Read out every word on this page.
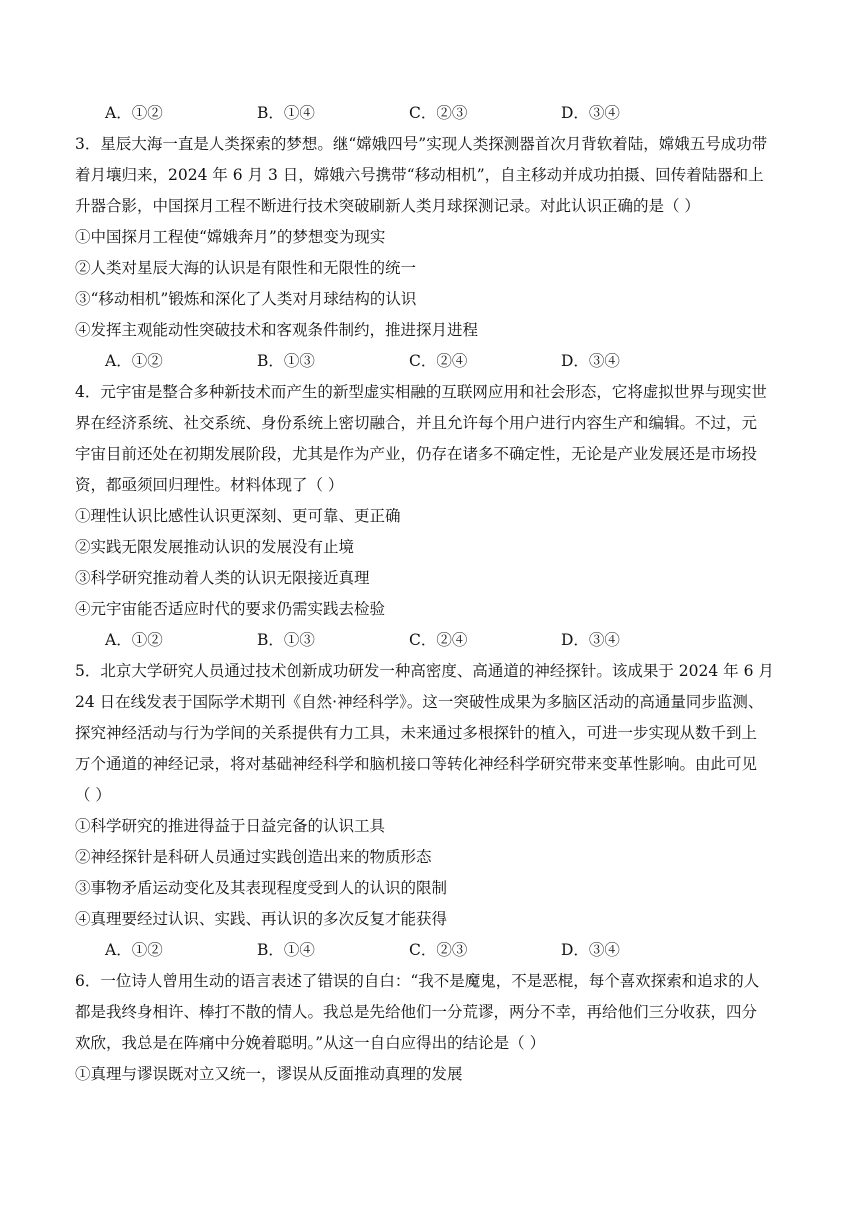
A．①②	B．①④	C．②③	D．③④
3．星辰大海一直是人类探索的梦想。继“嫦娥四号”实现人类探测器首次月背软着陆，嫦娥五号成功带
着月壤归来，2024 年 6 月 3 日，嫦娥六号携带“移动相机”，自主移动并成功拍摄、回传着陆器和上
升器合影，中国探月工程不断进行技术突破刷新人类月球探测记录。对此认识正确的是（ ）
①中国探月工程使“嫦娥奔月”的梦想变为现实
②人类对星辰大海的认识是有限性和无限性的统一
③“移动相机”锻炼和深化了人类对月球结构的认识
④发挥主观能动性突破技术和客观条件制约，推进探月进程
A．①②	B．①③	C．②④	D．③④
4．元宇宙是整合多种新技术而产生的新型虚实相融的互联网应用和社会形态，它将虚拟世界与现实世
界在经济系统、社交系统、身份系统上密切融合，并且允许每个用户进行内容生产和编辑。不过，元
宇宙目前还处在初期发展阶段，尤其是作为产业，仍存在诸多不确定性，无论是产业发展还是市场投
资，都亟须回归理性。材料体现了（ ）
①理性认识比感性认识更深刻、更可靠、更正确
②实践无限发展推动认识的发展没有止境
③科学研究推动着人类的认识无限接近真理
④元宇宙能否适应时代的要求仍需实践去检验
A．①②	B．①③	C．②④	D．③④
5．北京大学研究人员通过技术创新成功研发一种高密度、高通道的神经探针。该成果于 2024 年 6 月
24 日在线发表于国际学术期刊《自然·神经科学》。这一突破性成果为多脑区活动的高通量同步监测、
探究神经活动与行为学间的关系提供有力工具，未来通过多根探针的植入，可进一步实现从数千到上
万个通道的神经记录，将对基础神经科学和脑机接口等转化神经科学研究带来变革性影响。由此可见
（ ）
①科学研究的推进得益于日益完备的认识工具
②神经探针是科研人员通过实践创造出来的物质形态
③事物矛盾运动变化及其表现程度受到人的认识的限制
④真理要经过认识、实践、再认识的多次反复才能获得
A．①②	B．①④	C．②③	D．③④
6．一位诗人曾用生动的语言表述了错误的自白：“我不是魔鬼，不是恶棍，每个喜欢探索和追求的人
都是我终身相许、棒打不散的情人。我总是先给他们一分荒谬，两分不幸，再给他们三分收获，四分
欢欣，我总是在阵痛中分娩着聪明。”从这一自白应得出的结论是（ ）
①真理与谬误既对立又统一，谬误从反面推动真理的发展
